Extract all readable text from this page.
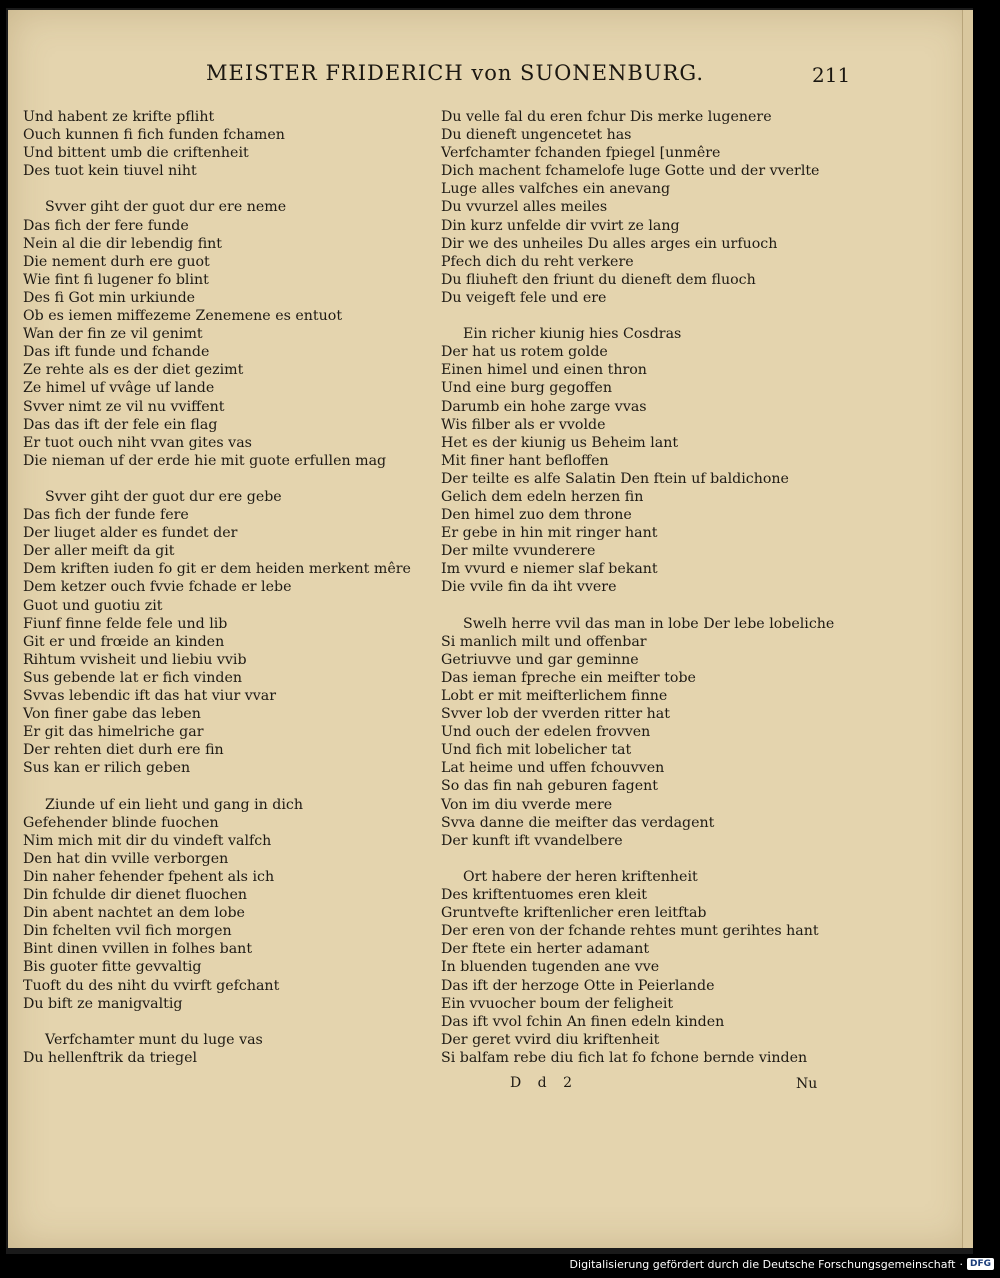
MEISTER FRIDERICH von SUONENBURG.	211
Und habent ze krifte pfliht
Ouch kunnen fi fich funden fchamen
Und bittent umb die criftenheit
Des tuot kein tiuvel niht
Svver giht der guot dur ere neme
Das fich der fere funde
Nein al die dir lebendig fint
Die nement durh ere guot
Wie fint fi lugener fo blint
Des fi Got min urkiunde
Ob es iemen miffezeme Zenemene es entuot
Wan der fin ze vil genimt
Das ift funde und fchande
Ze rehte als es der diet gezimt
Ze himel uf vvâge uf lande
Svver nimt ze vil nu vviffent
Das das ift der fele ein flag
Er tuot ouch niht vvan gites vas
Die nieman uf der erde hie mit guote erfullen mag
Svver giht der guot dur ere gebe
Das fich der funde fere
Der liuget alder es fundet der
Der aller meift da git
Dem kriften iuden fo git er dem heiden merkent mêre
Dem ketzer ouch fvvie fchade er lebe
Guot und guotiu zit
Fiunf finne felde fele und lib
Git er und frœide an kinden
Rihtum vvisheit und liebiu vvib
Sus gebende lat er fich vinden
Svvas lebendic ift das hat viur vvar
Von finer gabe das leben
Er git das himelriche gar
Der rehten diet durh ere fin
Sus kan er rilich geben
Ziunde uf ein lieht und gang in dich
Gefehender blinde fuochen
Nim mich mit dir du vindeft valfch
Den hat din vville verborgen
Din naher fehender fpehent als ich
Din fchulde dir dienet fluochen
Din abent nachtet an dem lobe
Din fchelten vvil fich morgen
Bint dinen vvillen in folhes bant
Bis guoter fitte gevvaltig
Tuoft du des niht du vvirft gefchant
Du bift ze manigvaltig
Verfchamter munt du luge vas
Du hellenftrik da triegel
Du velle fal du eren fchur Dis merke lugenere
Du dieneft ungencetet has
Verfchamter fchanden fpiegel [unmêre
Dich machent fchamelofe luge Gotte und der vverlte
Luge alles valfches ein anevang
Du vvurzel alles meiles
Din kurz unfelde dir vvirt ze lang
Dir we des unheiles Du alles arges ein urfuoch
Pfech dich du reht verkere
Du fliuheft den friunt du dieneft dem fluoch
Du veigeft fele und ere
Ein richer kiunig hies Cosdras
Der hat us rotem golde
Einen himel und einen thron
Und eine burg gegoffen
Darumb ein hohe zarge vvas
Wis filber als er vvolde
Het es der kiunig us Beheim lant
Mit finer hant befloffen
Der teilte es alfe Salatin Den ftein uf baldichone
Gelich dem edeln herzen fin
Den himel zuo dem throne
Er gebe in hin mit ringer hant
Der milte vvunderere
Im vvurd e niemer slaf bekant
Die vvile fin da iht vvere
Swelh herre vvil das man in lobe Der lebe lobeliche
Si manlich milt und offenbar
Getriuvve und gar geminne
Das ieman fpreche ein meifter tobe
Lobt er mit meifterlichem finne
Svver lob der vverden ritter hat
Und ouch der edelen frovven
Und fich mit lobelicher tat
Lat heime und uffen fchouvven
So das fin nah geburen fagent
Von im diu vverde mere
Svva danne die meifter das verdagent
Der kunft ift vvandelbere
Ort habere der heren kriftenheit
Des kriftentuomes eren kleit
Gruntvefte kriftenlicher eren leitftab
Der eren von der fchande rehtes munt gerihtes hant
Der ftete ein herter adamant
In bluenden tugenden ane vve
Das ift der herzoge Otte in Peierlande
Ein vvuocher boum der feligheit
Das ift vvol fchin An finen edeln kinden
Der geret vvird diu kriftenheit
Si balfam rebe diu fich lat fo fchone bernde vinden
D d 2	Nu
Digitalisierung gefördert durch die Deutsche Forschungsgemeinschaft · DFG
